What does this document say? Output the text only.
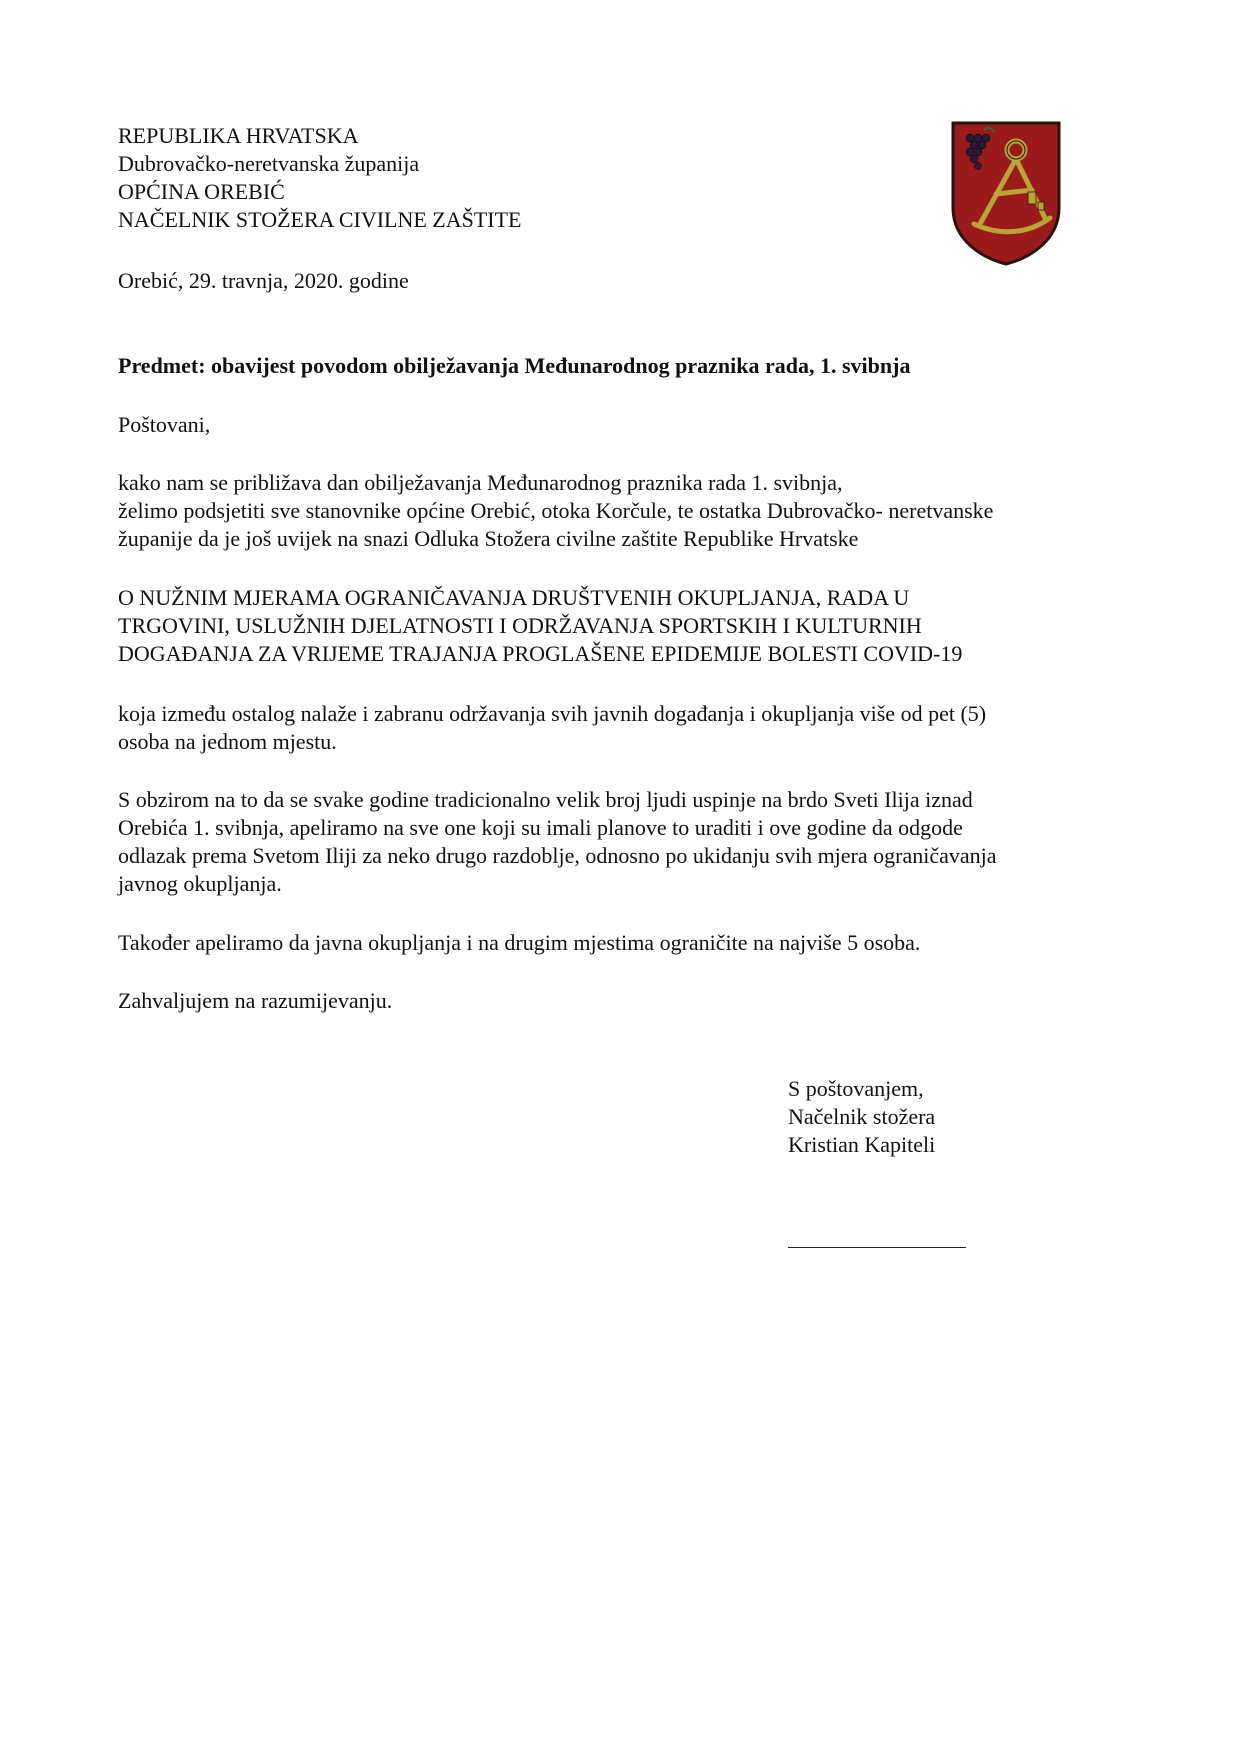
REPUBLIKA HRVATSKA
Dubrovačko-neretvanska županija
OPĆINA OREBIĆ
NAČELNIK STOŽERA CIVILNE ZAŠTITE
Orebić, 29. travnja, 2020. godine
Predmet: obavijest povodom obilježavanja Međunarodnog praznika rada, 1. svibnja
Poštovani,
kako nam se približava dan obilježavanja Međunarodnog praznika rada 1. svibnja,
želimo podsjetiti sve stanovnike općine Orebić, otoka Korčule, te ostatka Dubrovačko- neretvanske
županije da je još uvijek na snazi Odluka Stožera civilne zaštite Republike Hrvatske
O NUŽNIM MJERAMA OGRANIČAVANJA DRUŠTVENIH OKUPLJANJA, RADA U
TRGOVINI, USLUŽNIH DJELATNOSTI I ODRŽAVANJA SPORTSKIH I KULTURNIH
DOGAĐANJA ZA VRIJEME TRAJANJA PROGLAŠENE EPIDEMIJE BOLESTI COVID-19
koja između ostalog nalaže i zabranu održavanja svih javnih događanja i okupljanja više od pet (5)
osoba na jednom mjestu.
S obzirom na to da se svake godine tradicionalno velik broj ljudi uspinje na brdo Sveti Ilija iznad
Orebića 1. svibnja, apeliramo na sve one koji su imali planove to uraditi i ove godine da odgode
odlazak prema Svetom Iliji za neko drugo razdoblje, odnosno po ukidanju svih mjera ograničavanja
javnog okupljanja.
Također apeliramo da javna okupljanja i na drugim mjestima ograničite na najviše 5 osoba.
Zahvaljujem na razumijevanju.
S poštovanjem,
Načelnik stožera
Kristian Kapiteli
